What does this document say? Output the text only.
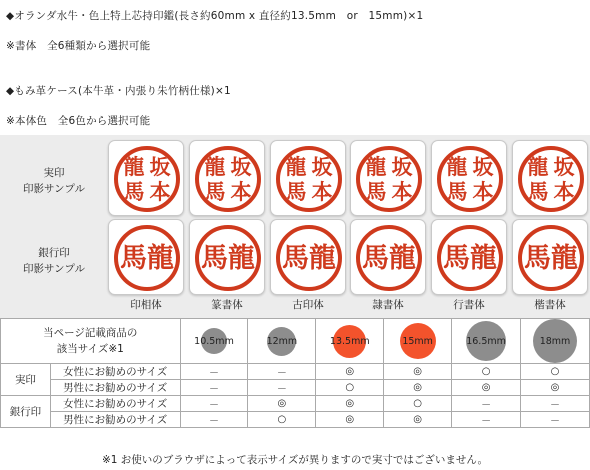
◆オランダ水牛・色上特上芯持印鑑(長さ約60mm x 直径約13.5mm　or　15mm)×1
※書体　全6種類から選択可能
◆もみ革ケース(本牛革・内張り朱竹柄仕様)×1
※本体色　全6色から選択可能
実印
印影サンプル
銀行印
印影サンプル
坂
本
龍
馬
坂
本
龍
馬
坂
本
龍
馬
坂
本
龍
馬
坂
本
龍
馬
坂
本
龍
馬
龍
馬	龍
馬	龍
馬	龍
馬	龍
馬	龍
馬
印相体	篆書体	古印体	隷書体	行書体	楷書体
当ページ記載商品の
該当サイズ※1		10.5mm	12mm	13.5mm	15mm	16.5mm	18mm
実印	女性にお勧めのサイズ	－	－	◎	◎	○	○
	男性にお勧めのサイズ	－	－	○	◎	◎	◎
銀行印	女性にお勧めのサイズ	－	◎	◎	○	－	－
	男性にお勧めのサイズ	－	○	◎	◎	－	－
※1 お使いのブラウザによって表示サイズが異りますので実寸ではございません。
